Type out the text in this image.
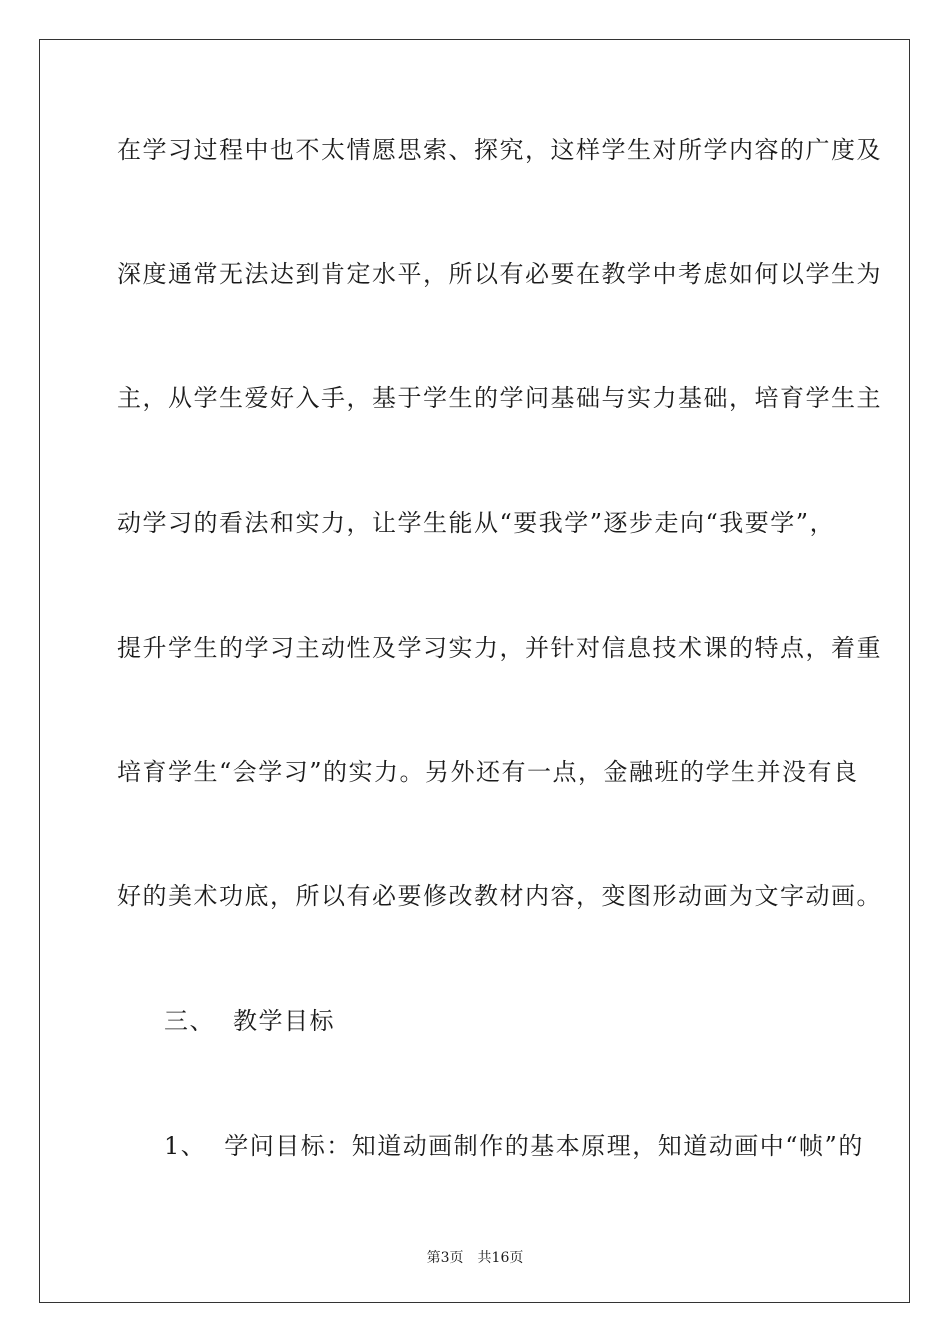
在学习过程中也不太情愿思索、探究，这样学生对所学内容的广度及
深度通常无法达到肯定水平，所以有必要在教学中考虑如何以学生为
主，从学生爱好入手，基于学生的学问基础与实力基础，培育学生主
动学习的看法和实力，让学生能从“要我学”逐步走向“我要学”，
提升学生的学习主动性及学习实力，并针对信息技术课的特点，着重
培育学生“会学习”的实力。另外还有一点，金融班的学生并没有良
好的美术功底，所以有必要修改教材内容，变图形动画为文字动画。
三、 教学目标
1、 学问目标：知道动画制作的基本原理，知道动画中“帧”的
第3页 共16页
